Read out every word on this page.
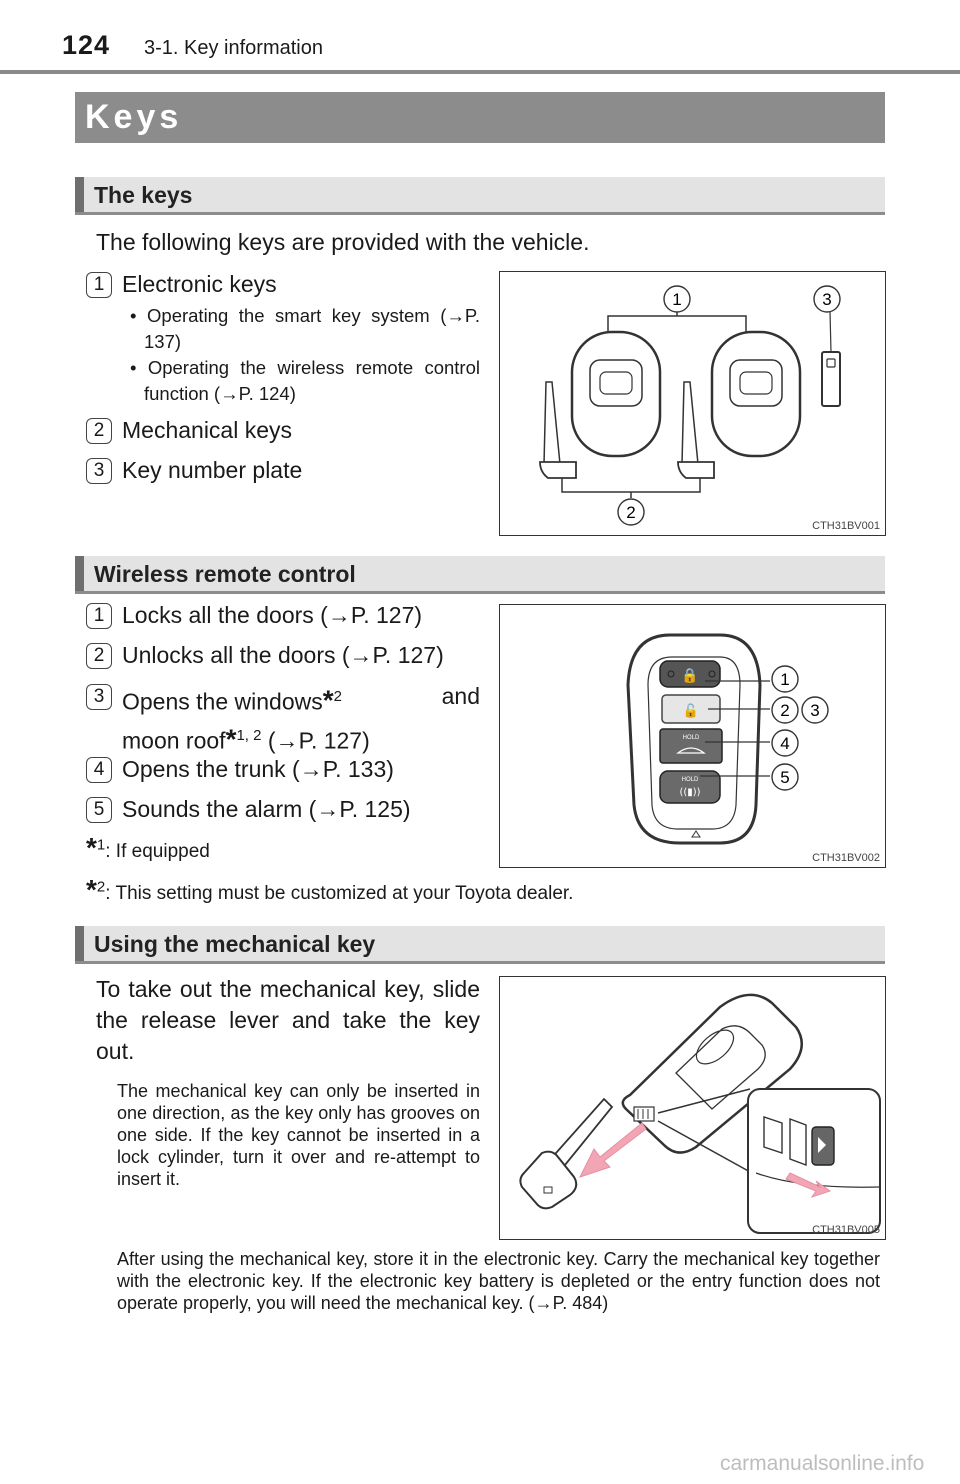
124 3-1. Key information
Keys
The keys
The following keys are provided with the vehicle.
1 Electronic keys
• Operating the smart key system (→P. 137)
• Operating the wireless remote control function (→P. 124)
2 Mechanical keys
3 Key number plate
1	3
2
CTH31BV001
Wireless remote control
1 Locks all the doors (→P. 127)
2 Unlocks all the doors (→P. 127)
3 Opens the windows*$^2$	and
moon roof*$^{1, 2}$ (→P. 127)
4 Opens the trunk (→P. 133)
5 Sounds the alarm (→P. 125)
*$^1$: If equipped
*$^2$: This setting must be customized at your Toyota dealer.
🔒
🔓
HOLD
HOLD
((▮))
1
2 3
4
5
CTH31BV002
Using the mechanical key
To take out the mechanical key, slide the release lever and take the key out.
The mechanical key can only be inserted in one direction, as the key only has grooves on one side. If the key cannot be inserted in a lock cylinder, turn it over and re-attempt to insert it.
After using the mechanical key, store it in the electronic key. Carry the mechanical key together with the electronic key. If the electronic key battery is depleted or the entry function does not operate properly, you will need the mechanical key. (→P. 484)
CTH31BV005
carmanualsonline.info
